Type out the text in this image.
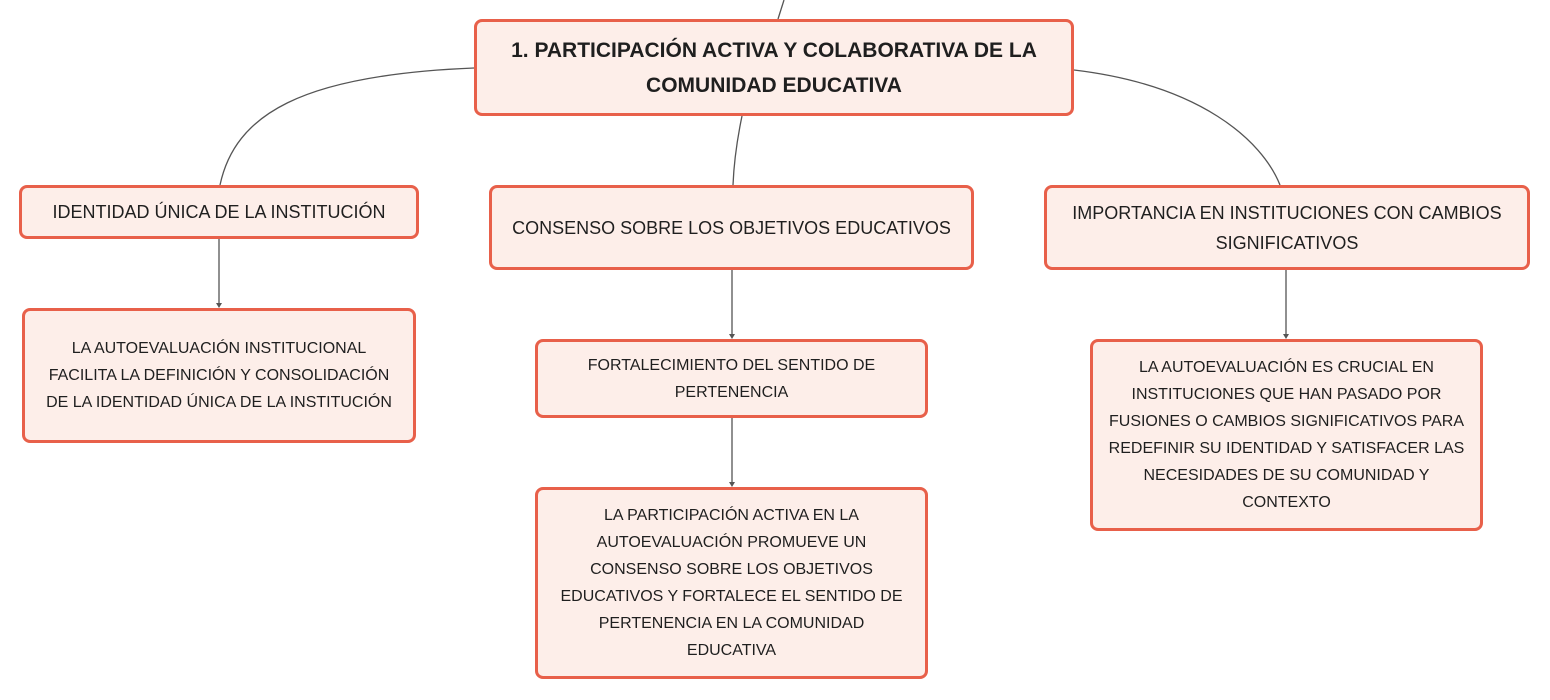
1. PARTICIPACIÓN ACTIVA Y COLABORATIVA DE LA
COMUNIDAD EDUCATIVA
IDENTIDAD ÚNICA DE LA INSTITUCIÓN
CONSENSO SOBRE LOS OBJETIVOS EDUCATIVOS
IMPORTANCIA EN INSTITUCIONES CON CAMBIOS
SIGNIFICATIVOS
LA AUTOEVALUACIÓN INSTITUCIONAL
FACILITA LA DEFINICIÓN Y CONSOLIDACIÓN
DE LA IDENTIDAD ÚNICA DE LA INSTITUCIÓN
FORTALECIMIENTO DEL SENTIDO DE
PERTENENCIA
LA AUTOEVALUACIÓN ES CRUCIAL EN
INSTITUCIONES QUE HAN PASADO POR
FUSIONES O CAMBIOS SIGNIFICATIVOS PARA
REDEFINIR SU IDENTIDAD Y SATISFACER LAS
NECESIDADES DE SU COMUNIDAD Y
CONTEXTO
LA PARTICIPACIÓN ACTIVA EN LA
AUTOEVALUACIÓN PROMUEVE UN
CONSENSO SOBRE LOS OBJETIVOS
EDUCATIVOS Y FORTALECE EL SENTIDO DE
PERTENENCIA EN LA COMUNIDAD
EDUCATIVA
